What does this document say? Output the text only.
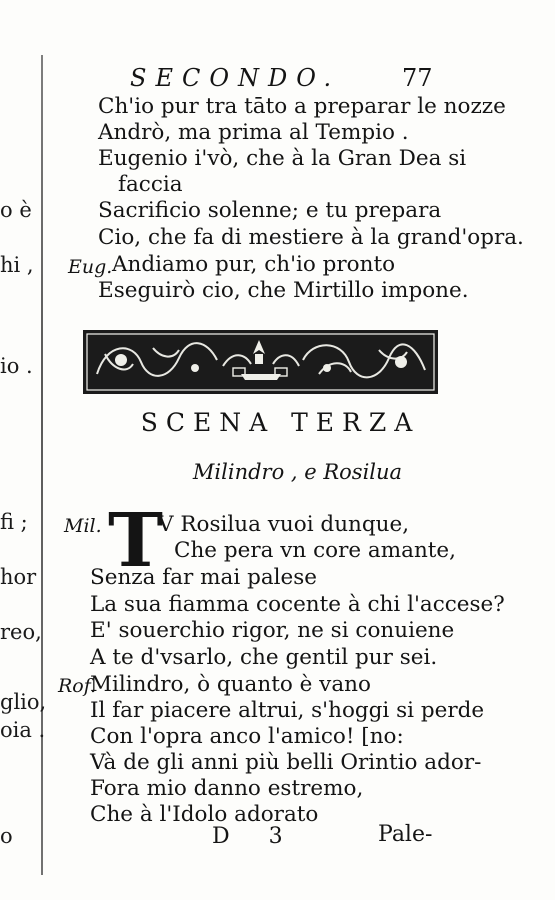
o è
hi ,
io .
fi ;
hor
reo,
glio,
oia .
o
SECONDO.	77
Ch'io pur tra tāto a preparar le nozze
Andrò, ma prima al Tempio .
Eugenio i'vò, che à la Gran Dea si
faccia
Sacrificio solenne; e tu prepara
Cio, che fa di mestiere à la grand'opra.
Eug. Andiamo pur, ch'io pronto
Eseguirò cio, che Mirtillo impone.
SCENA TERZA
Milindro , e Rosilua
Mil. T
V Rosilua vuoi dunque,
Che pera vn core amante,
Senza far mai palese
La sua fiamma cocente à chi l'accese?
E' souerchio rigor, ne si conuiene
A te d'vsarlo, che gentil pur sei.
Rof.
Milindro, ò quanto è vano
Il far piacere altrui, s'hoggi si perde
Con l'opra anco l'amico! [no:
Và de gli anni più belli Orintio ador-
Fora mio danno estremo,
Che à l'Idolo adorato
D 3	Pale-
